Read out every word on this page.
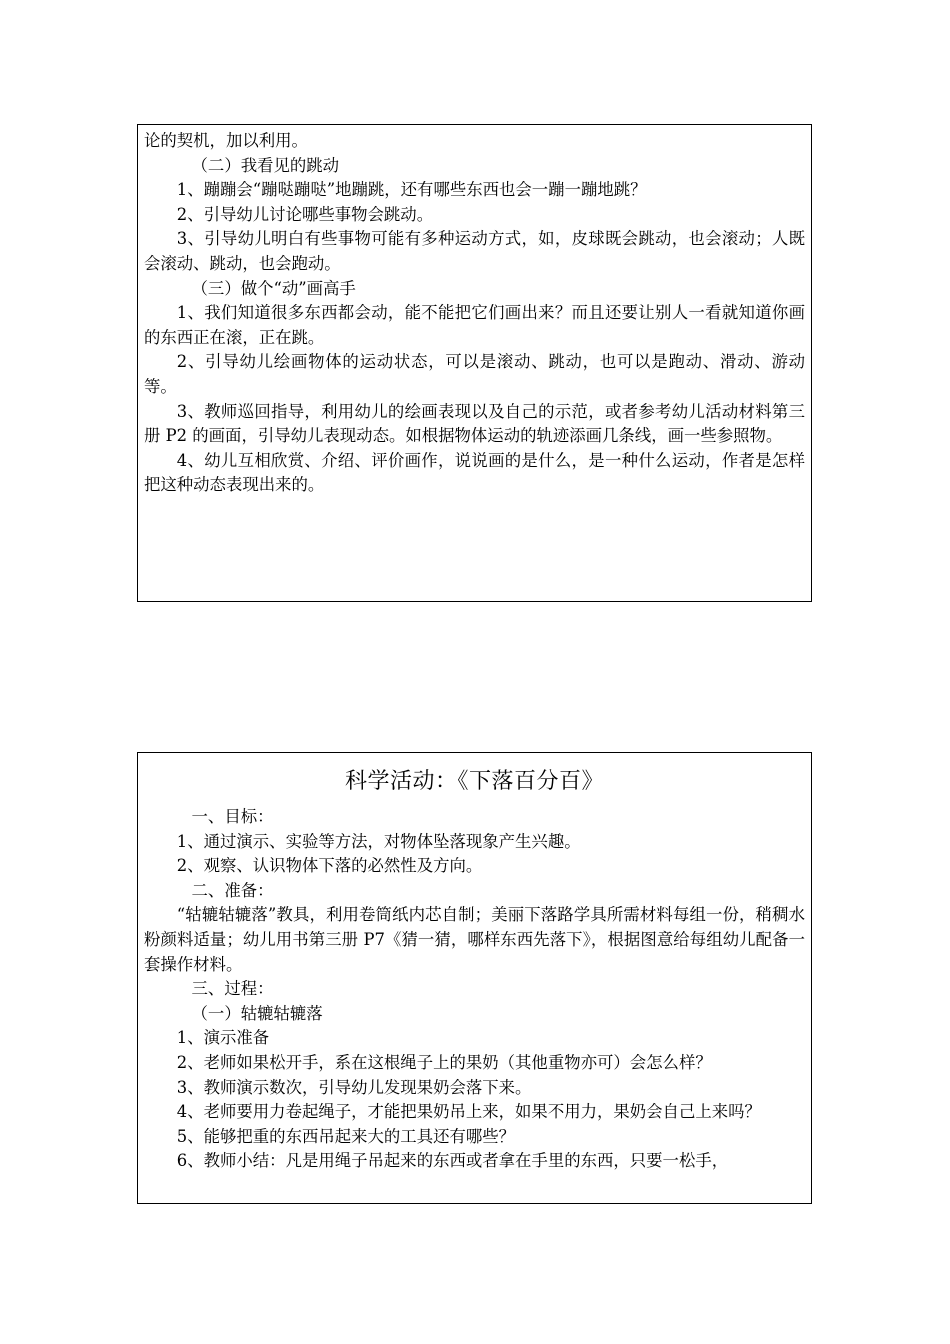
论的契机，加以利用。

（二）我看见的跳动

1、蹦蹦会“蹦哒蹦哒”地蹦跳，还有哪些东西也会一蹦一蹦地跳？

2、引导幼儿讨论哪些事物会跳动。

3、引导幼儿明白有些事物可能有多种运动方式，如，皮球既会跳动，也会滚动；人既会滚动、跳动，也会跑动。

（三）做个“动”画高手

1、我们知道很多东西都会动，能不能把它们画出来？而且还要让别人一看就知道你画的东西正在滚，正在跳。

2、引导幼儿绘画物体的运动状态，可以是滚动、跳动，也可以是跑动、滑动、游动等。

3、教师巡回指导，利用幼儿的绘画表现以及自己的示范，或者参考幼儿活动材料第三册 P2 的画面，引导幼儿表现动态。如根据物体运动的轨迹添画几条线，画一些参照物。

4、幼儿互相欣赏、介绍、评价画作，说说画的是什么，是一种什么运动，作者是怎样把这种动态表现出来的。

科学活动：《下落百分百》

一、目标：

1、通过演示、实验等方法，对物体坠落现象产生兴趣。

2、观察、认识物体下落的必然性及方向。

二、准备：

“轱辘轱辘落”教具，利用卷筒纸内芯自制；美丽下落路学具所需材料每组一份，稍稠水粉颜料适量；幼儿用书第三册 P7《猜一猜，哪样东西先落下》，根据图意给每组幼儿配备一套操作材料。

三、过程：

（一）轱辘轱辘落

1、演示准备

2、老师如果松开手，系在这根绳子上的果奶（其他重物亦可）会怎么样？

3、教师演示数次，引导幼儿发现果奶会落下来。

4、老师要用力卷起绳子，才能把果奶吊上来，如果不用力，果奶会自己上来吗？

5、能够把重的东西吊起来大的工具还有哪些？

6、教师小结：凡是用绳子吊起来的东西或者拿在手里的东西，只要一松手，
